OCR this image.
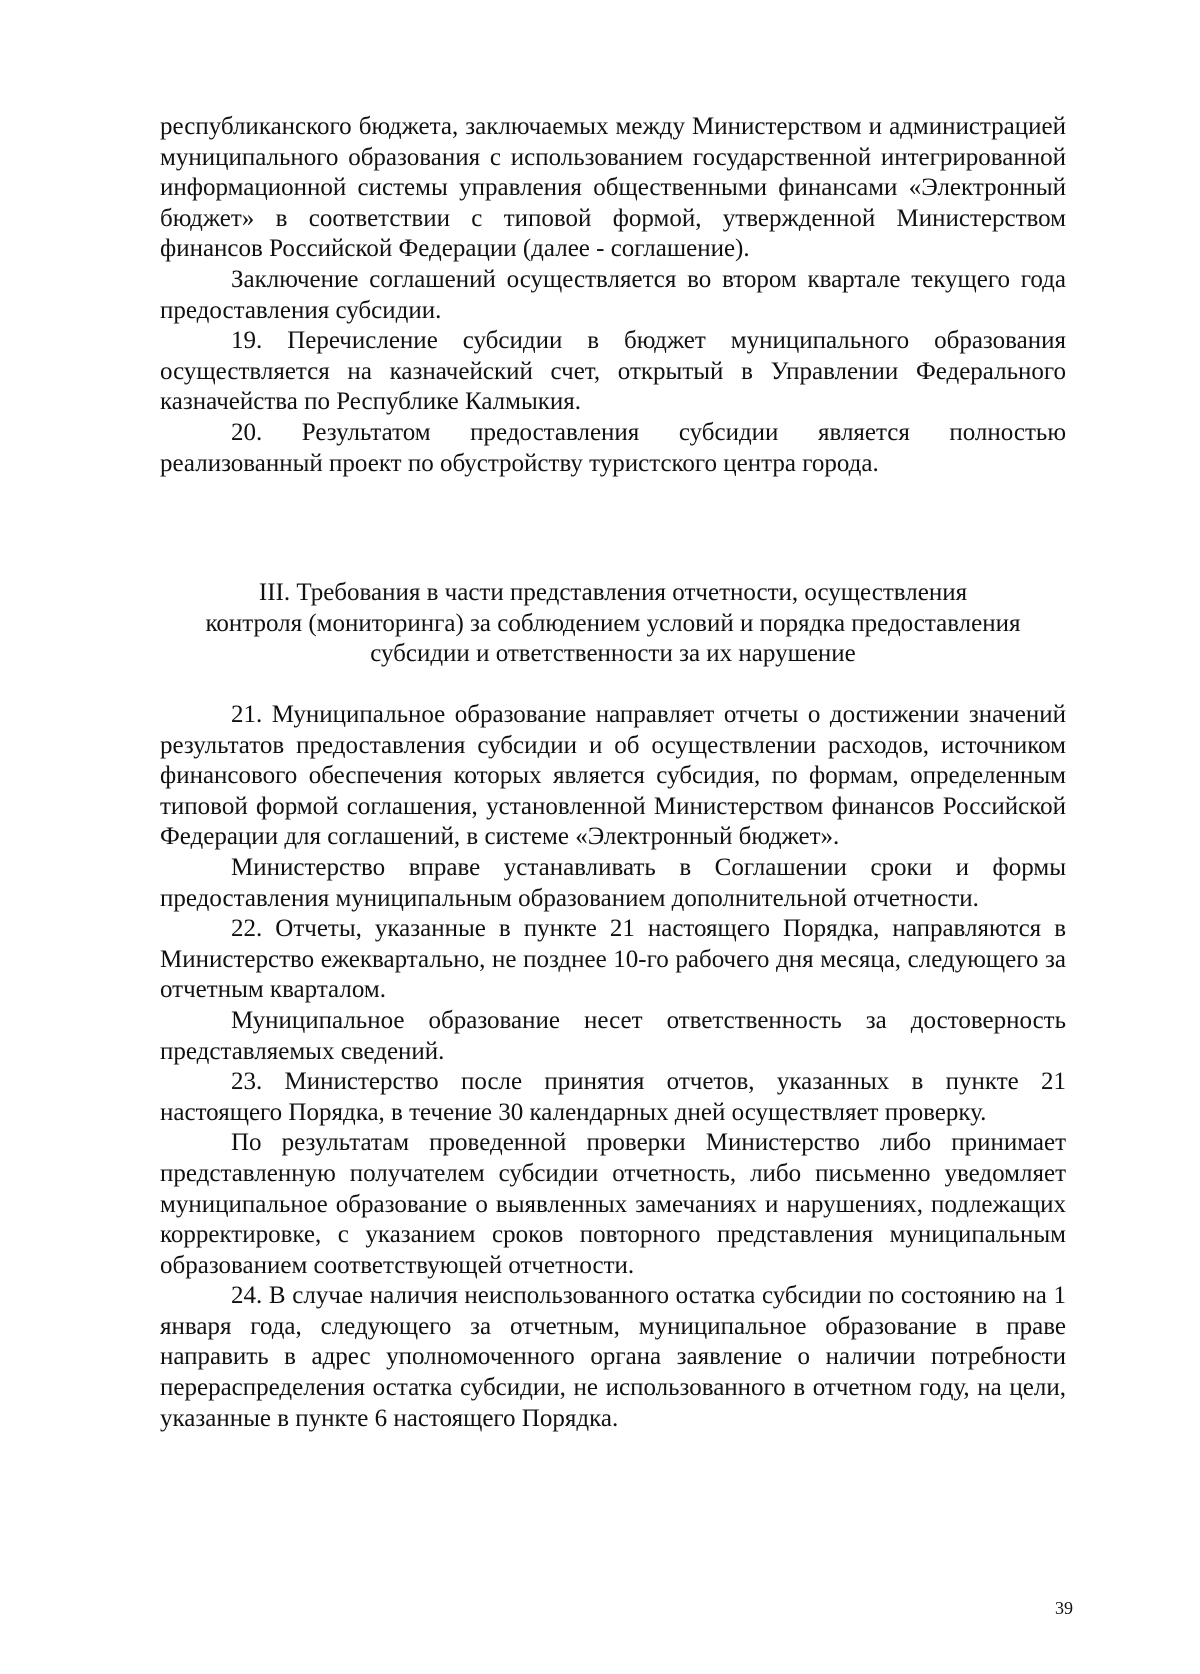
республиканского бюджета, заключаемых между Министерством и администрацией муниципального образования с использованием государственной интегрированной информационной системы управления общественными финансами «Электронный бюджет» в соответствии с типовой формой, утвержденной Министерством финансов Российской Федерации (далее - соглашение).

Заключение соглашений осуществляется во втором квартале текущего года предоставления субсидии.

19. Перечисление субсидии в бюджет муниципального образования осуществляется на казначейский счет, открытый в Управлении Федерального казначейства по Республике Калмыкия.

20. Результатом предоставления субсидии является полностью реализованный проект по обустройству туристского центра города.

III. Требования в части представления отчетности, осуществления
контроля (мониторинга) за соблюдением условий и порядка предоставления
субсидии и ответственности за их нарушение

21. Муниципальное образование направляет отчеты о достижении значений результатов предоставления субсидии и об осуществлении расходов, источником финансового обеспечения которых является субсидия, по формам, определенным типовой формой соглашения, установленной Министерством финансов Российской Федерации для соглашений, в системе «Электронный бюджет».

Министерство вправе устанавливать в Соглашении сроки и формы предоставления муниципальным образованием дополнительной отчетности.

22. Отчеты, указанные в пункте 21 настоящего Порядка, направляются в Министерство ежеквартально, не позднее 10-го рабочего дня месяца, следующего за отчетным кварталом.

Муниципальное образование несет ответственность за достоверность представляемых сведений.

23. Министерство после принятия отчетов, указанных в пункте 21 настоящего Порядка, в течение 30 календарных дней осуществляет проверку.

По результатам проведенной проверки Министерство либо принимает представленную получателем субсидии отчетность, либо письменно уведомляет муниципальное образование о выявленных замечаниях и нарушениях, подлежащих корректировке, с указанием сроков повторного представления муниципальным образованием соответствующей отчетности.

24. В случае наличия неиспользованного остатка субсидии по состоянию на 1 января года, следующего за отчетным, муниципальное образование в праве направить в адрес уполномоченного органа заявление о наличии потребности перераспределения остатка субсидии, не использованного в отчетном году, на цели, указанные в пункте 6 настоящего Порядка.

39
